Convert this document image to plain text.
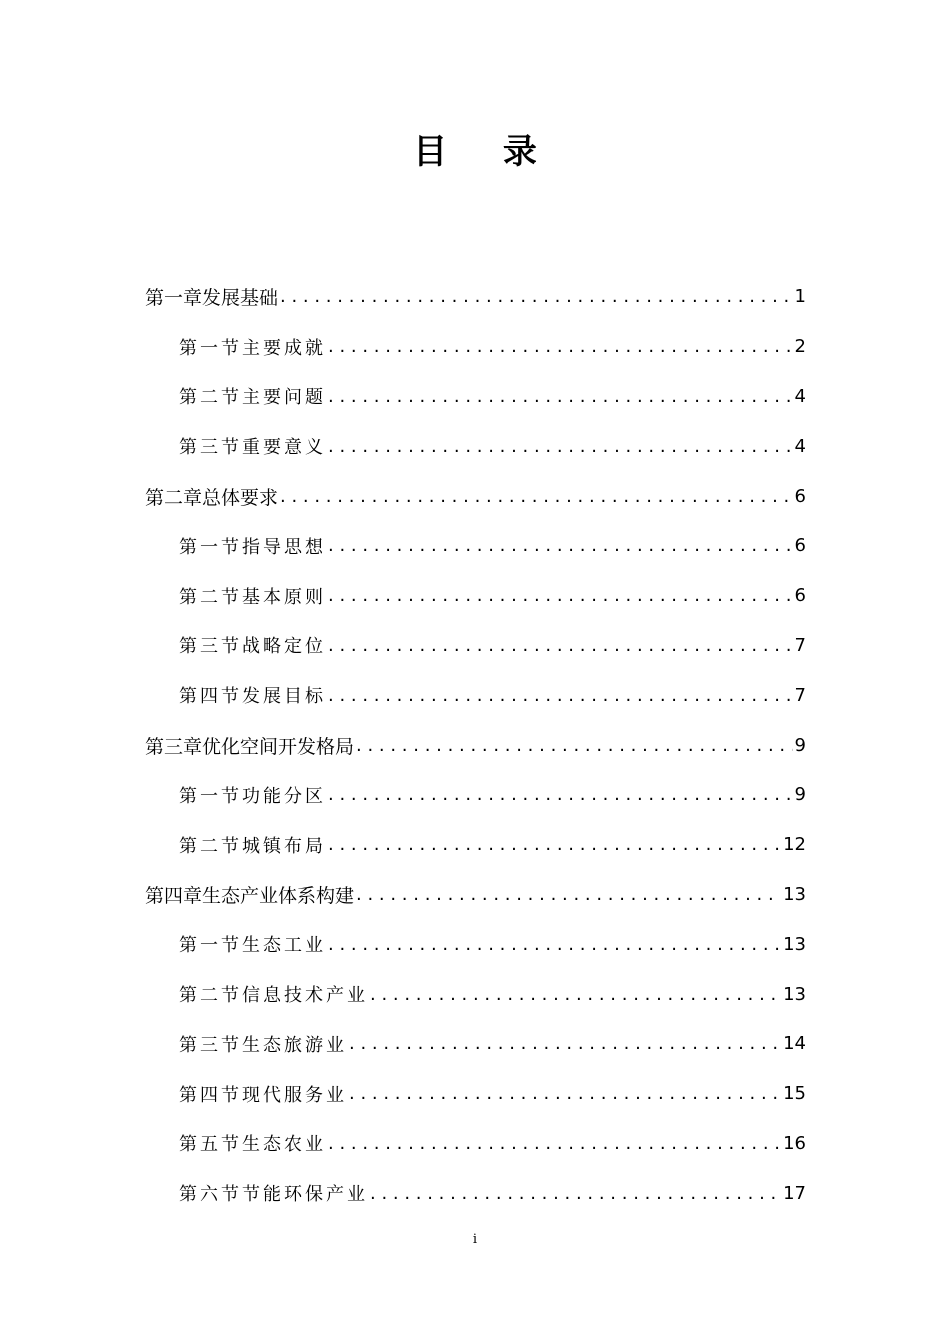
目 录
第一章 发展基础 . . .	1
第一节 主要成就 . . .	2
第二节 主要问题 . . .	4
第三节 重要意义 . . .	4
第二章 总体要求 . . .	6
第一节 指导思想 . . .	6
第二节 基本原则 . . .	6
第三节 战略定位 . . .	7
第四节 发展目标 . . .	7
第三章 优化空间开发格局 . . .	9
第一节 功能分区 . . .	9
第二节 城镇布局 . . .	12
第四章 生态产业体系构建 . . .	13
第一节 生态工业 . . .	13
第二节 信息技术产业 . . .	13
第三节 生态旅游业 . . .	14
第四节 现代服务业 . . .	15
第五节 生态农业 . . .	16
第六节 节能环保产业 . . .	17
i
